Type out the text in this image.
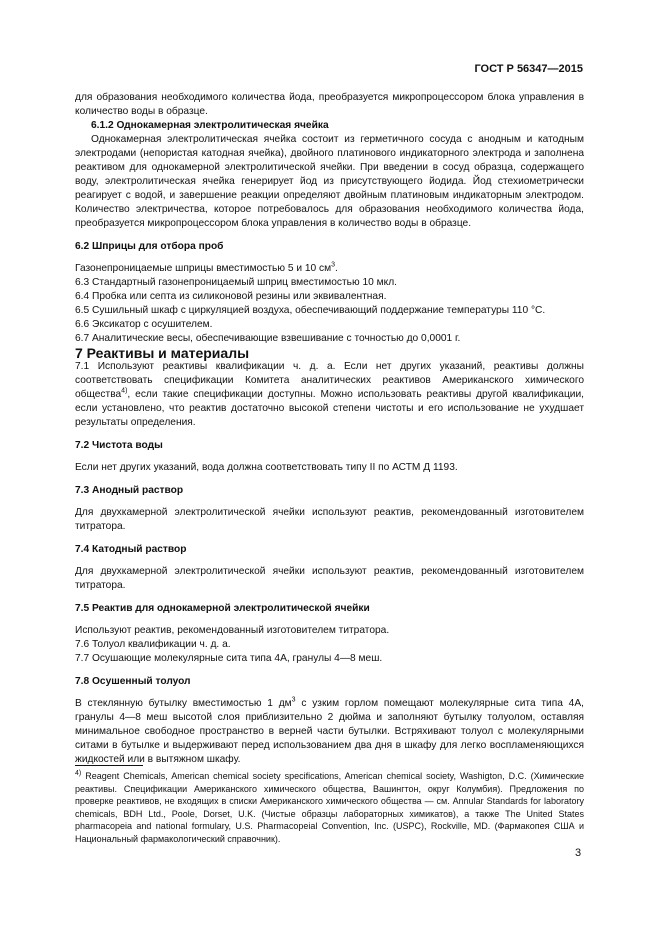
ГОСТ Р 56347—2015

для образования необходимого количества йода, преобразуется микропроцессором блока управления в количество воды в образце.

6.1.2 Однокамерная электролитическая ячейка

Однокамерная электролитическая ячейка состоит из герметичного сосуда с анодным и катодным электродами (непористая катодная ячейка), двойного платинового индикаторного электрода и заполнена реактивом для однокамерной электролитической ячейки. При введении в сосуд образца, содержащего воду, электролитическая ячейка генерирует йод из присутствующего йодида. Йод стехиометрически реагирует с водой, и завершение реакции определяют двойным платиновым индикаторным электродом. Количество электричества, которое потребовалось для образования необходимого количества йода, преобразуется микропроцессором блока управления в количество воды в образце.

6.2 Шприцы для отбора проб

Газонепроницаемые шприцы вместимостью 5 и 10 $см^3$.

6.3 Стандартный газонепроницаемый шприц вместимостью 10 мкл.

6.4 Пробка или септа из силиконовой резины или эквивалентная.

6.5 Сушильный шкаф с циркуляцией воздуха, обеспечивающий поддержание температуры 110 °С.

6.6 Эксикатор с осушителем.

6.7 Аналитические весы, обеспечивающие взвешивание с точностью до 0,0001 г.

7 Реактивы и материалы

7.1 Используют реактивы квалификации ч. д. а. Если нет других указаний, реактивы должны соответствовать спецификации Комитета аналитических реактивов Американского химического общества$^{4)}$, если такие спецификации доступны. Можно использовать реактивы другой квалификации, если установлено, что реактив достаточно высокой степени чистоты и его использование не ухудшает результаты определения.

7.2 Чистота воды

Если нет других указаний, вода должна соответствовать типу II по АСТМ Д 1193.

7.3 Анодный раствор

Для двухкамерной электролитической ячейки используют реактив, рекомендованный изготовителем титратора.

7.4 Катодный раствор

Для двухкамерной электролитической ячейки используют реактив, рекомендованный изготовителем титратора.

7.5 Реактив для однокамерной электролитической ячейки

Используют реактив, рекомендованный изготовителем титратора.

7.6 Толуол квалификации ч. д. а.

7.7 Осушающие молекулярные сита типа 4А, гранулы 4—8 меш.

7.8 Осушенный толуол

В стеклянную бутылку вместимостью 1 $дм^3$ с узким горлом помещают молекулярные сита типа 4А, гранулы 4—8 меш высотой слоя приблизительно 2 дюйма и заполняют бутылку толуолом, оставляя минимальное свободное пространство в верней части бутылки. Встряхивают толуол с молекулярными ситами в бутылке и выдерживают перед использованием два дня в шкафу для легко воспламеняющихся жидкостей или в вытяжном шкафу.

$^{4)}$ Reagent Chemicals, American chemical society specifications, American chemical society, Washigton, D.C. (Химические реактивы. Спецификации Американского химического общества, Вашингтон, округ Колумбия). Предложения по проверке реактивов, не входящих в списки Американского химического общества — см. Annular Standards for laboratory chemicals, BDH Ltd., Poole, Dorset, U.K. (Чистые образцы лабораторных химикатов), а также The United States pharmacopeia and national formulary, U.S. Pharmacopeial Convention, Inc. (USPC), Rockville, MD. (Фармакопея США и Национальный фармакологический справочник).
3
